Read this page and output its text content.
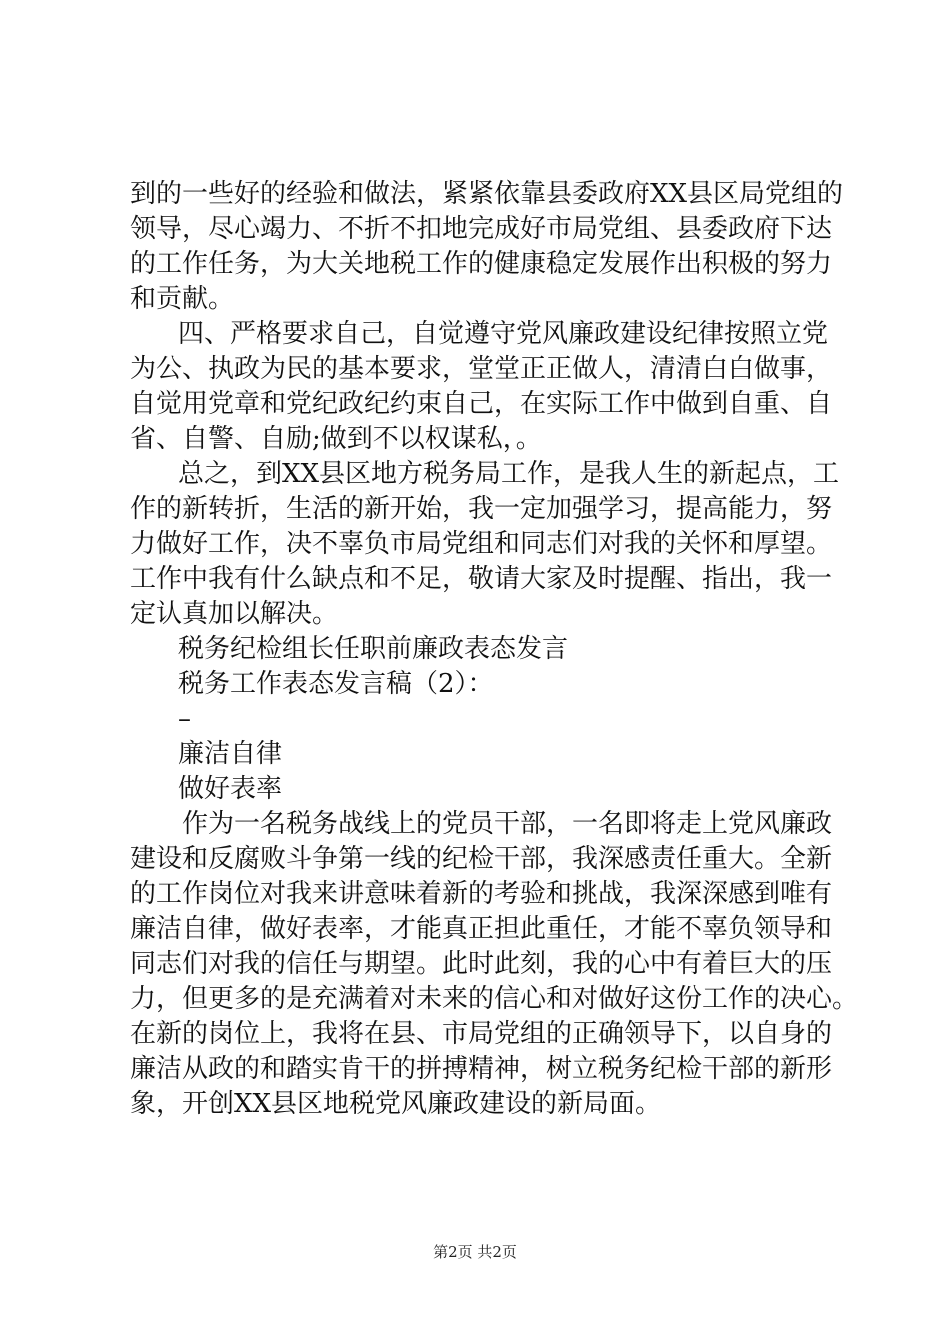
到的一些好的经验和做法，紧紧依靠县委政府XX县区局党组的
领导，尽心竭力、不折不扣地完成好市局党组、县委政府下达
的工作任务，为大关地税工作的健康稳定发展作出积极的努力
和贡献。
四、严格要求自己，自觉遵守党风廉政建设纪律按照立党
为公、执政为民的基本要求，堂堂正正做人，清清白白做事，
自觉用党章和党纪政纪约束自己，在实际工作中做到自重、自
省、自警、自励;做到不以权谋私，。
总之，到XX县区地方税务局工作，是我人生的新起点，工
作的新转折，生活的新开始，我一定加强学习，提高能力，努
力做好工作，决不辜负市局党组和同志们对我的关怀和厚望。
工作中我有什么缺点和不足，敬请大家及时提醒、指出，我一
定认真加以解决。
税务纪检组长任职前廉政表态发言
税务工作表态发言稿（2）：
–
廉洁自律
做好表率
作为一名税务战线上的党员干部，一名即将走上党风廉政
建设和反腐败斗争第一线的纪检干部，我深感责任重大。全新
的工作岗位对我来讲意味着新的考验和挑战，我深深感到唯有
廉洁自律，做好表率，才能真正担此重任，才能不辜负领导和
同志们对我的信任与期望。此时此刻，我的心中有着巨大的压
力，但更多的是充满着对未来的信心和对做好这份工作的决心。
在新的岗位上，我将在县、市局党组的正确领导下，以自身的
廉洁从政的和踏实肯干的拼搏精神，树立税务纪检干部的新形
象，开创XX县区地税党风廉政建设的新局面。
第2页 共2页
